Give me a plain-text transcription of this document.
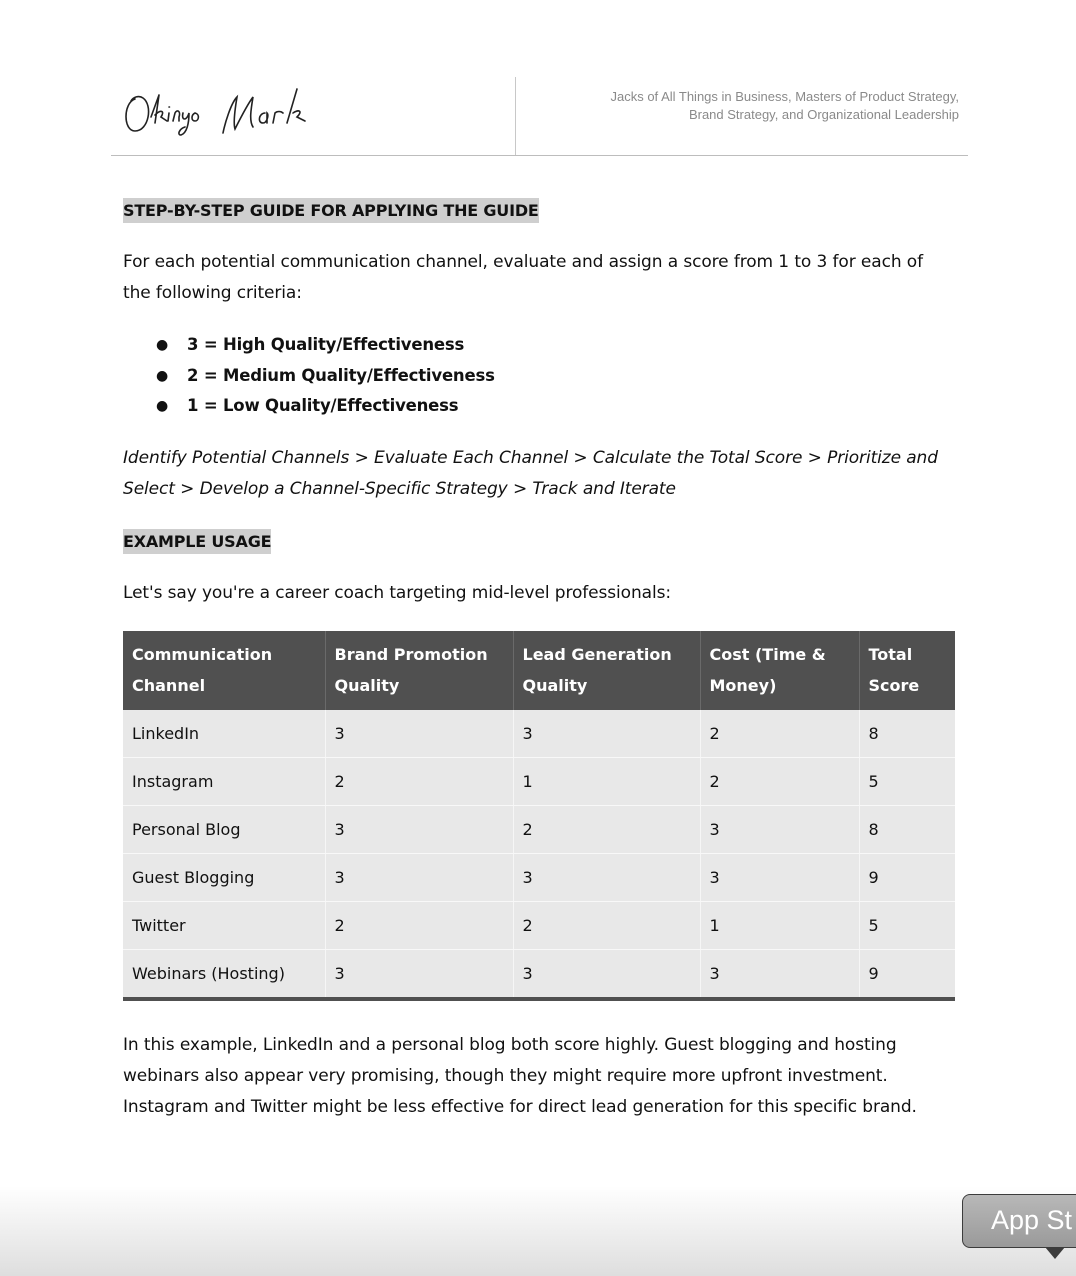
Jacks of All Things in Business, Masters of Product Strategy,
Brand Strategy, and Organizational Leadership
STEP-BY-STEP GUIDE FOR APPLYING THE GUIDE
For each potential communication channel, evaluate and assign a score from 1 to 3 for each of the following criteria:
● 3 = High Quality/Effectiveness
● 2 = Medium Quality/Effectiveness
● 1 = Low Quality/Effectiveness
Identify Potential Channels > Evaluate Each Channel > Calculate the Total Score > Prioritize and Select > Develop a Channel-Specific Strategy > Track and Iterate
EXAMPLE USAGE
Let's say you're a career coach targeting mid-level professionals:
In this example, LinkedIn and a personal blog both score highly. Guest blogging and hosting webinars also appear very promising, though they might require more upfront investment. Instagram and Twitter might be less effective for direct lead generation for this specific brand.
Communication Channel	Brand Promotion Quality	Lead Generation Quality	Cost (Time & Money)	Total Score
LinkedIn	3	3	2	8
Instagram	2	1	2	5
Personal Blog	3	2	3	8
Guest Blogging	3	3	3	9
Twitter	2	2	1	5
Webinars (Hosting)	3	3	3	9
App St
